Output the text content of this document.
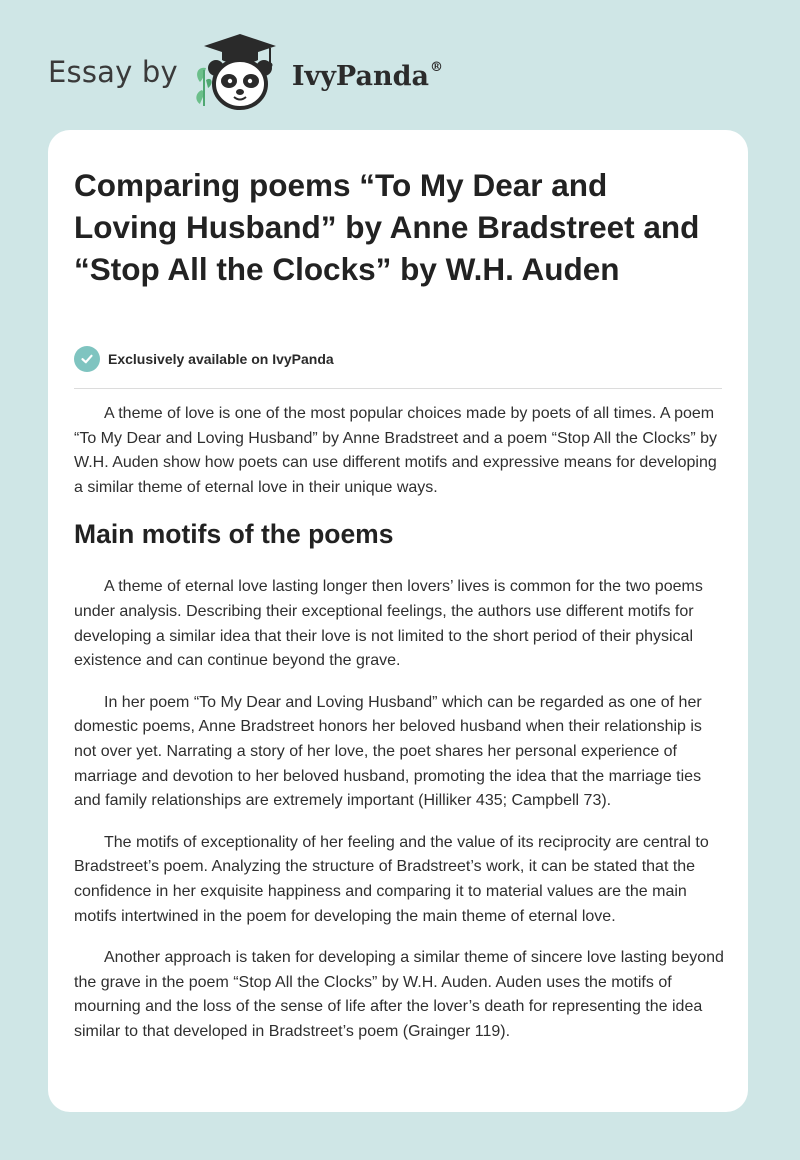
Essay by	IvyPanda®
Comparing poems “To My Dear and Loving Husband” by Anne Bradstreet and “Stop All the Clocks” by W.H. Auden
Exclusively available on IvyPanda

A theme of love is one of the most popular choices made by poets of all times. A poem “To My Dear and Loving Husband” by Anne Bradstreet and a poem “Stop All the Clocks” by W.H. Auden show how poets can use different motifs and expressive means for developing a similar theme of eternal love in their unique ways.

Main motifs of the poems

A theme of eternal love lasting longer then lovers’ lives is common for the two poems under analysis. Describing their exceptional feelings, the authors use different motifs for developing a similar idea that their love is not limited to the short period of their physical existence and can continue beyond the grave.

In her poem “To My Dear and Loving Husband” which can be regarded as one of her domestic poems, Anne Bradstreet honors her beloved husband when their relationship is not over yet. Narrating a story of her love, the poet shares her personal experience of marriage and devotion to her beloved husband, promoting the idea that the marriage ties and family relationships are extremely important (Hilliker 435; Campbell 73).

The motifs of exceptionality of her feeling and the value of its reciprocity are central to Bradstreet’s poem. Analyzing the structure of Bradstreet’s work, it can be stated that the confidence in her exquisite happiness and comparing it to material values are the main motifs intertwined in the poem for developing the main theme of eternal love.

Another approach is taken for developing a similar theme of sincere love lasting beyond the grave in the poem “Stop All the Clocks” by W.H. Auden. Auden uses the motifs of mourning and the loss of the sense of life after the lover’s death for representing the idea similar to that developed in Bradstreet’s poem (Grainger 119).
